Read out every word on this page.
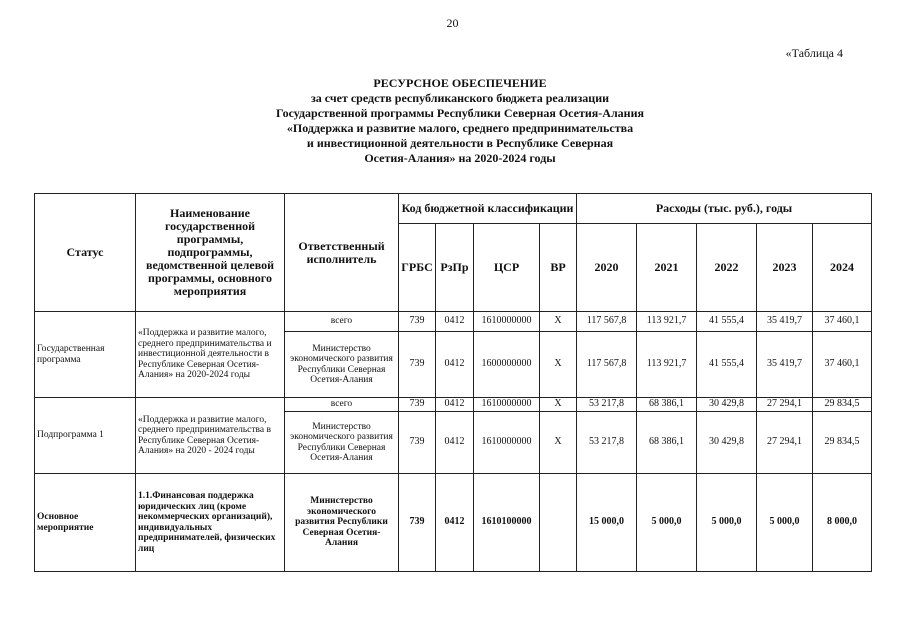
20
«Таблица 4
РЕСУРСНОЕ ОБЕСПЕЧЕНИЕ
за счет средств республиканского бюджета реализации
Государственной программы Республики Северная Осетия-Алания
«Поддержка и развитие малого, среднего предпринимательства
и инвестиционной деятельности в Республике Северная
Осетия-Алания» на 2020-2024 годы
Статус	Наименование государственной программы, подпрограммы, ведомственной целевой программы, основного мероприятия	Ответственный исполнитель	Код бюджетной классификации				Расходы (тыс. руб.), годы				
			ГРБС	РзПр	ЦСР	ВР	2020	2021	2022	2023	2024
Государственная программа	«Поддержка и развитие малого, среднего предпринимательства и инвестиционной деятельности в Республике Северная Осетия-Алания» на 2020-2024 годы	всего	739	0412	1610000000	X	117 567,8	113 921,7	41 555,4	35 419,7	37 460,1
		Министерство экономического развития Республики Северная Осетия-Алания	739	0412	1600000000	X	117 567,8	113 921,7	41 555,4	35 419,7	37 460,1
Подпрограмма 1	«Поддержка и развитие малого, среднего предпринимательства в Республике Северная Осетия-Алания» на 2020 - 2024 годы	всего	739	0412	1610000000	X	53 217,8	68 386,1	30 429,8	27 294,1	29 834,5
		Министерство экономического развития Республики Северная Осетия-Алания	739	0412	1610000000	X	53 217,8	68 386,1	30 429,8	27 294,1	29 834,5
Основное мероприятие	1.1.Финансовая поддержка юридических лиц (кроме некоммерческих организаций), индивидуальных предпринимателей, физических лиц	Министерство экономического развития Республики Северная Осетия-Алания	739	0412	1610100000		15 000,0	5 000,0	5 000,0	5 000,0	8 000,0
